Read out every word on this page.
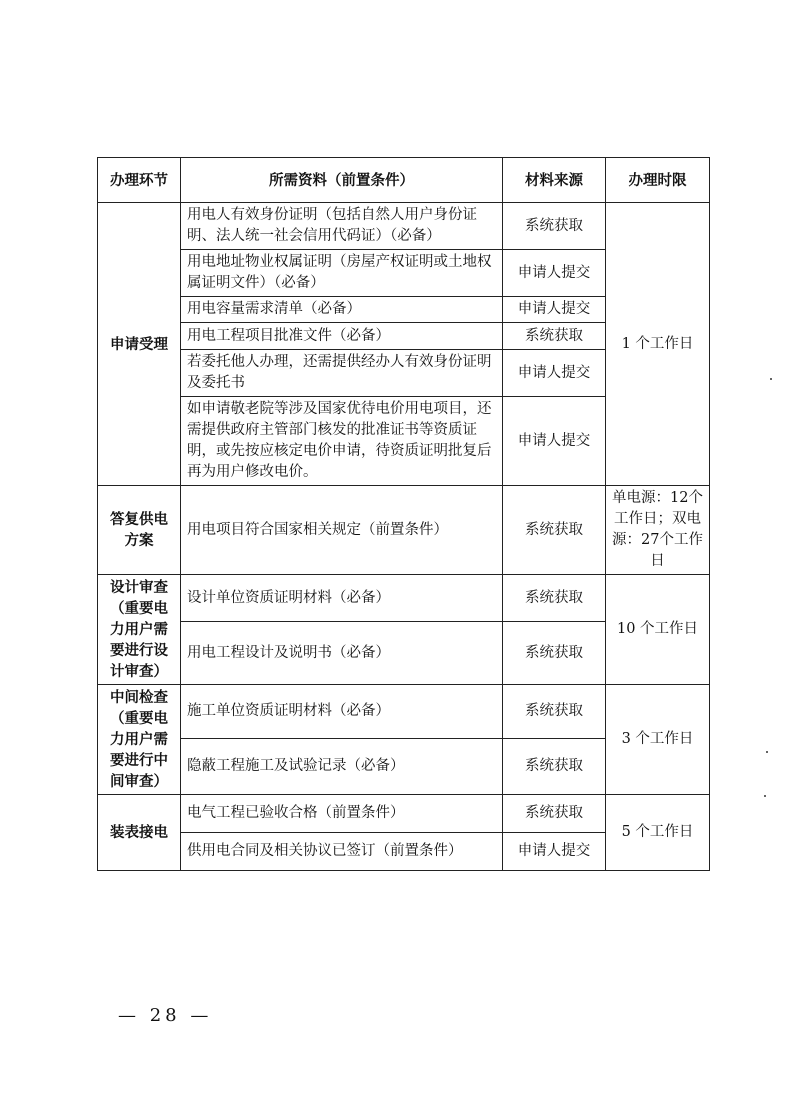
办理环节	所需资料（前置条件）	材料来源	办理时限
申请受理	用电人有效身份证明（包括自然人用户身份证明、法人统一社会信用代码证）（必备）	系统获取	1 个工作日
	用电地址物业权属证明（房屋产权证明或土地权属证明文件）（必备）	申请人提交	
	用电容量需求清单（必备）	申请人提交	
	用电工程项目批准文件（必备）	系统获取	
	若委托他人办理，还需提供经办人有效身份证明及委托书	申请人提交	
	如申请敬老院等涉及国家优待电价用电项目，还需提供政府主管部门核发的批准证书等资质证明，或先按应核定电价申请，待资质证明批复后再为用户修改电价。	申请人提交	
答复供电方案	用电项目符合国家相关规定（前置条件）	系统获取	单电源：12个工作日；双电源：27个工作日
设计审查（重要电力用户需要进行设计审查）	设计单位资质证明材料（必备）	系统获取	10 个工作日
	用电工程设计及说明书（必备）	系统获取	
中间检查（重要电力用户需要进行中间审查）	施工单位资质证明材料（必备）	系统获取	3 个工作日
	隐蔽工程施工及试验记录（必备）	系统获取	
装表接电	电气工程已验收合格（前置条件）	系统获取	5 个工作日
	供用电合同及相关协议已签订（前置条件）	申请人提交	
— 28 —
